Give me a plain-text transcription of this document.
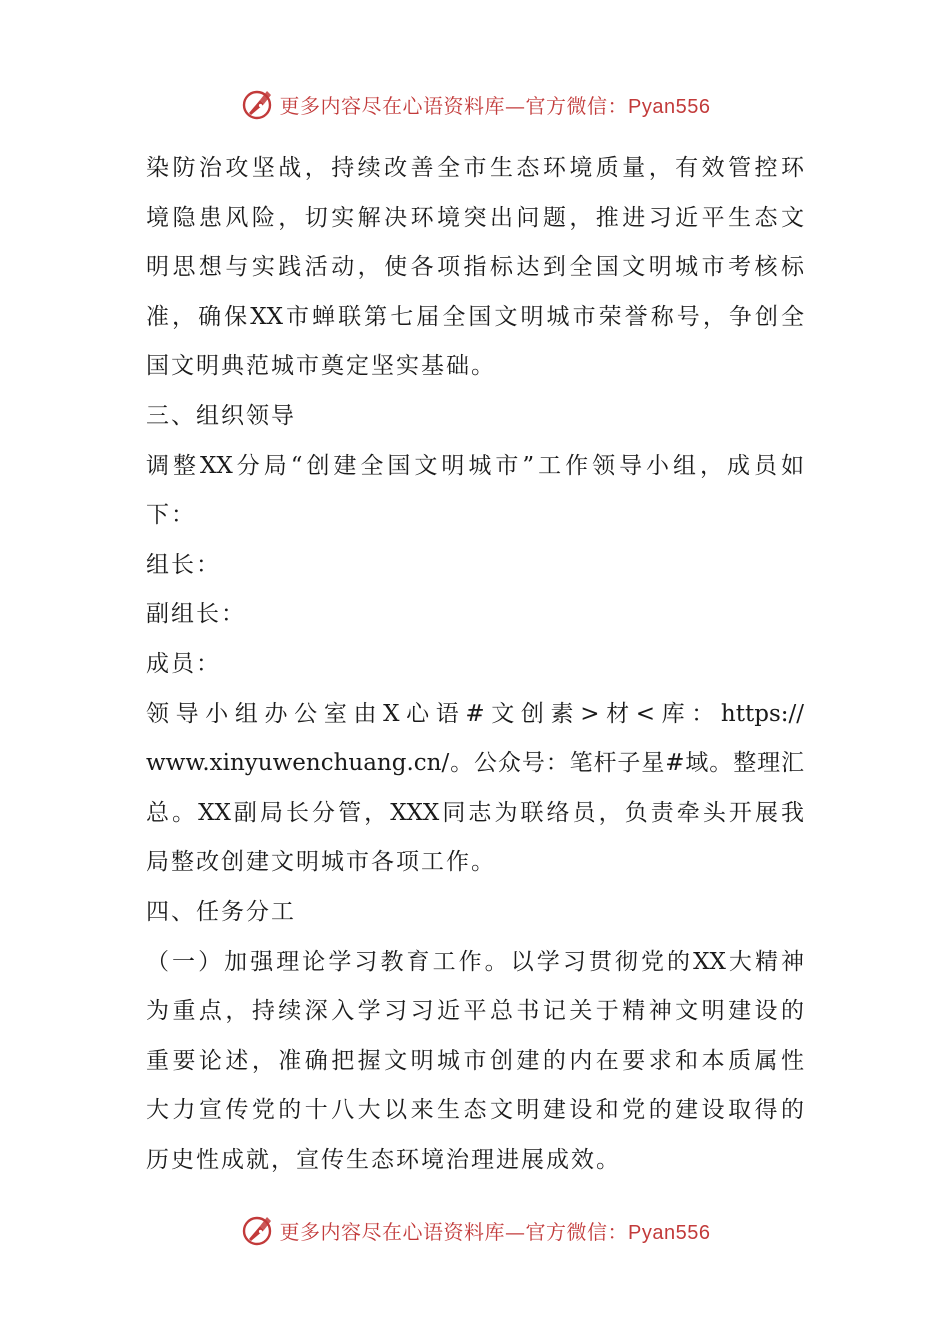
更多内容尽在心语资料库—官方微信：Pyan556
染防治攻坚战，持续改善全市生态环境质量，有效管控环
境隐患风险，切实解决环境突出问题，推进习近平生态文
明思想与实践活动，使各项指标达到全国文明城市考核标
准，确保XX市蝉联第七届全国文明城市荣誉称号，争创全
国文明典范城市奠定坚实基础。
三、组织领导
调整XX分局“创建全国文明城市”工作领导小组，成员如
下：
组长：
副组长：
成员：
领导小组办公室由X心语#文创素>材<库：https://
www.xinyuwenchuang.cn/。公众号：笔杆子星#域。整理汇
总。XX副局长分管，XXX同志为联络员，负责牵头开展我
局整改创建文明城市各项工作。
四、任务分工
（一）加强理论学习教育工作。以学习贯彻党的XX大精神
为重点，持续深入学习习近平总书记关于精神文明建设的
重要论述，准确把握文明城市创建的内在要求和本质属性
大力宣传党的十八大以来生态文明建设和党的建设取得的
历史性成就，宣传生态环境治理进展成效。
更多内容尽在心语资料库—官方微信：Pyan556
